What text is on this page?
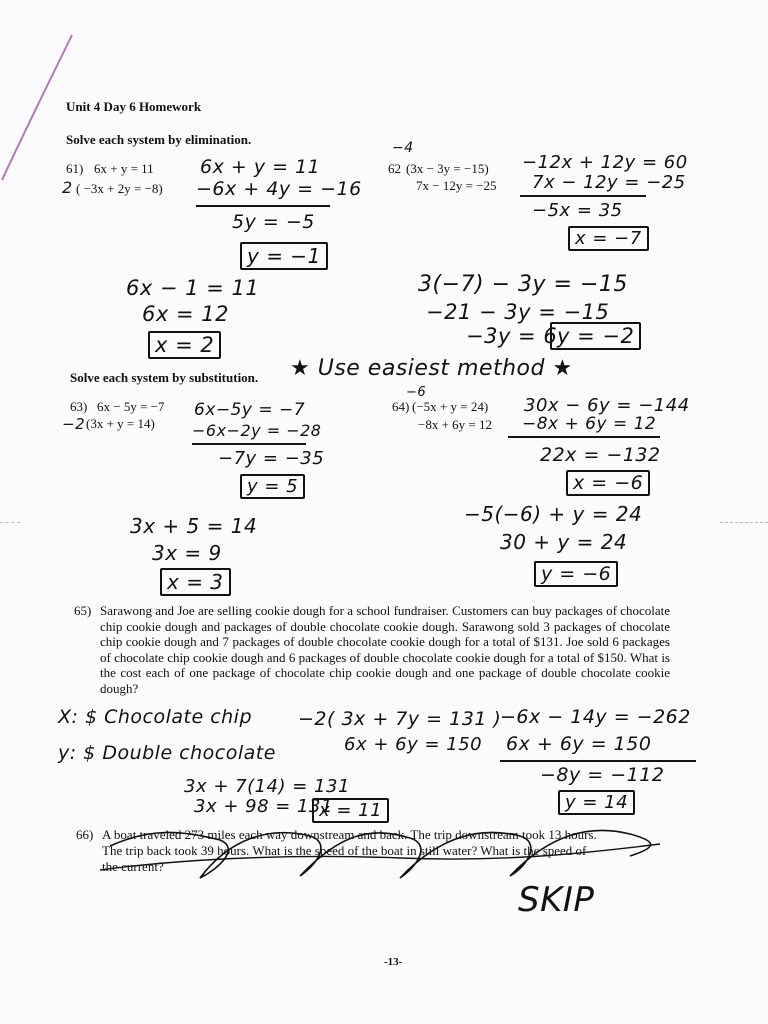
Unit 4 Day 6 Homework
Solve each system by elimination.
61) 6x + y = 11
2 ( −3x + 2y = −8)
6x + y = 11
−6x + 4y = −16
5y = −5
y = −1
6x − 1 = 11
6x = 12
x = 2
−4
62 (3x − 3y = −15)
7x − 12y = −25
−12x + 12y = 60
7x − 12y = −25
−5x = 35
x = −7
3(−7) − 3y = −15
−21 − 3y = −15
−3y = 6 y = −2
Solve each system by substitution. ★ Use easiest method ★
63) 6x − 5y = −7
−2 (3x + y = 14)
6x−5y = −7
−6x−2y = −28
−7y = −35
y = 5
3x + 5 = 14
3x = 9
x = 3
−6
64) (−5x + y = 24)
−8x + 6y = 12
30x − 6y = −144
−8x + 6y = 12
22x = −132
x = −6
−5(−6) + y = 24
30 + y = 24
y = −6
65) Sarawong and Joe are selling cookie dough for a school fundraiser. Customers can buy packages of chocolate chip cookie dough and packages of double chocolate cookie dough. Sarawong sold 3 packages of chocolate chip cookie dough and 7 packages of double chocolate cookie dough for a total of $131. Joe sold 6 packages of chocolate chip cookie dough and 6 packages of double chocolate cookie dough for a total of $150. What is the cost each of one package of chocolate chip cookie dough and one package of double chocolate cookie dough?
X: $ Chocolate chip
y: $ Double chocolate
−2( 3x + 7y = 131 )
6x + 6y = 150
−6x − 14y = −262
6x + 6y = 150
−8y = −112
y = 14
3x + 7(14) = 131
3x + 98 = 131
x = 11
66) A boat traveled 273 miles each way downstream and back. The trip downstream took 13 hours.
The trip back took 39 hours. What is the speed of the boat in still water? What is the speed of
the current?
SKIP
-13-
